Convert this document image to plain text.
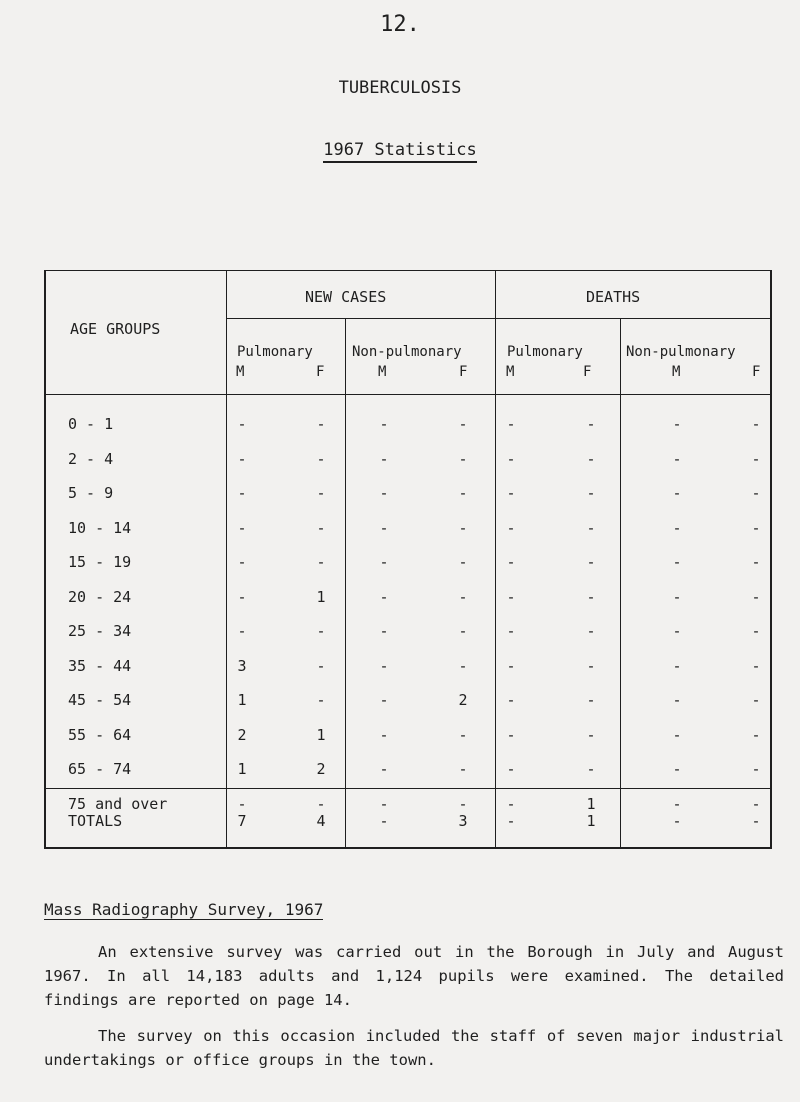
12.
TUBERCULOSIS
1967 Statistics
AGE GROUPS
NEW CASES	DEATHS
Pulmonary	Non-pulmonary	Pulmonary	Non-pulmonary
M	F	M	F	M	F	M	F
0 - 1	-	-	-	-	-	-	-	-
2 - 4	-	-	-	-	-	-	-	-
5 - 9	-	-	-	-	-	-	-	-
10 - 14	-	-	-	-	-	-	-	-
15 - 19	-	-	-	-	-	-	-	-
20 - 24	-	1	-	-	-	-	-	-
25 - 34	-	-	-	-	-	-	-	-
35 - 44	3	-	-	-	-	-	-	-
45 - 54	1	-	-	2	-	-	-	-
55 - 64	2	1	-	-	-	-	-	-
65 - 74	1	2	-	-	-	-	-	-
75 and over	-	-	-	-	-	1	-	-
TOTALS	7	4	-	3	-	1	-	-
Mass Radiography Survey, 1967
An extensive survey was carried out in the Borough in July and August 1967. In all 14,183 adults and 1,124 pupils were examined. The detailed findings are reported on page 14.
The survey on this occasion included the staff of seven major industrial undertakings or office groups in the town.
